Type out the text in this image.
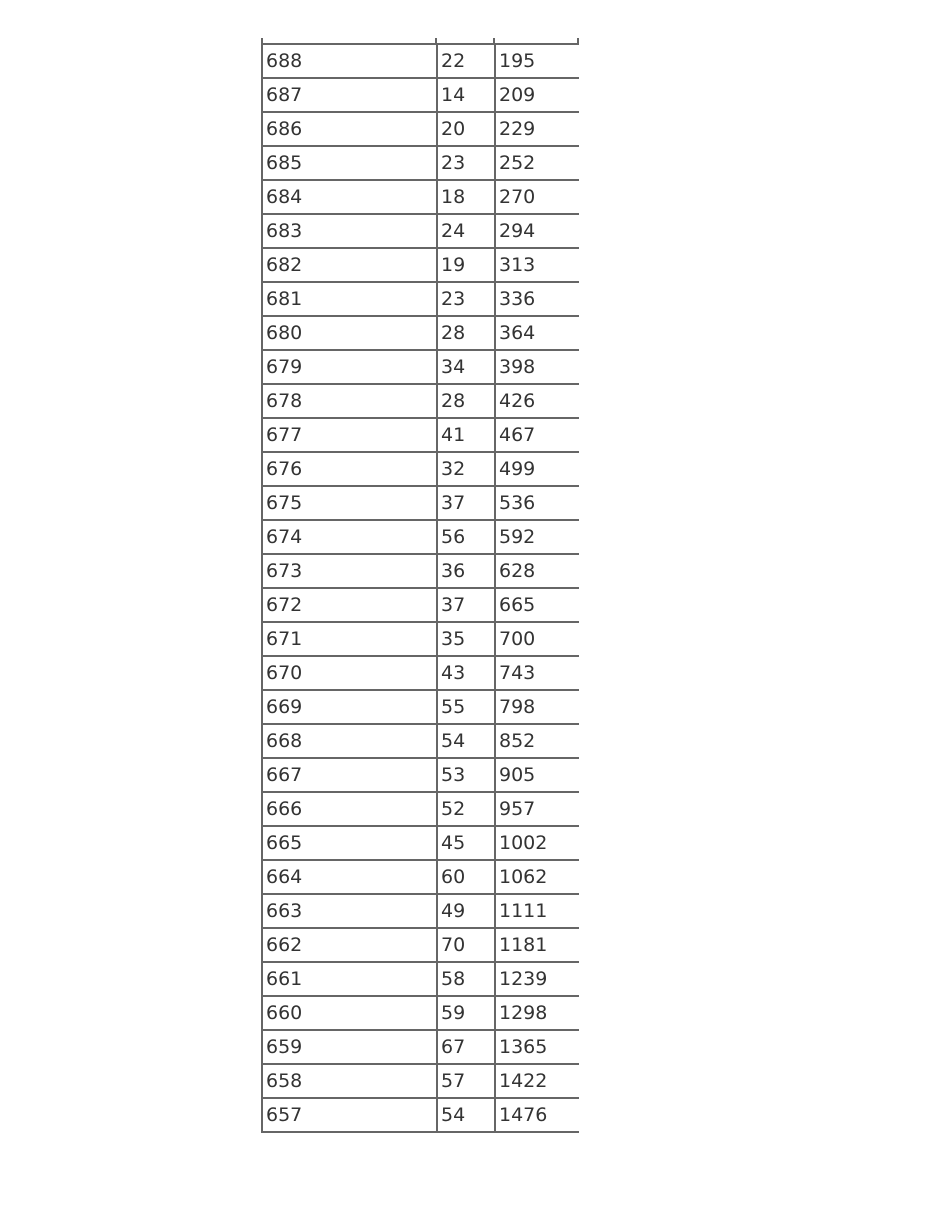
688	22	195
687	14	209
686	20	229
685	23	252
684	18	270
683	24	294
682	19	313
681	23	336
680	28	364
679	34	398
678	28	426
677	41	467
676	32	499
675	37	536
674	56	592
673	36	628
672	37	665
671	35	700
670	43	743
669	55	798
668	54	852
667	53	905
666	52	957
665	45	1002
664	60	1062
663	49	1111
662	70	1181
661	58	1239
660	59	1298
659	67	1365
658	57	1422
657	54	1476
